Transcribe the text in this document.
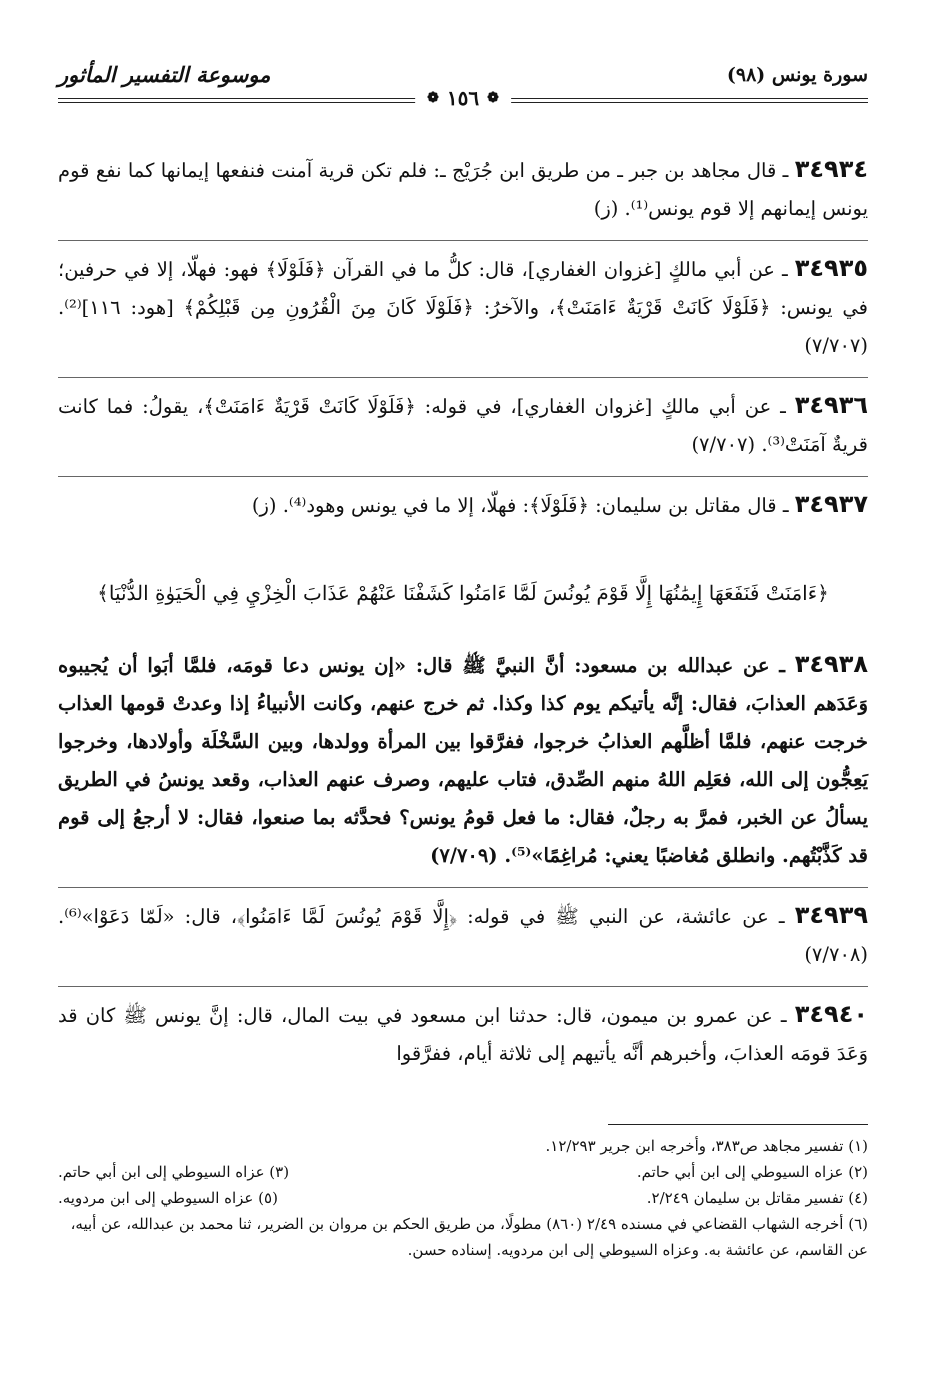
سورة يونس (٩٨)
موسوعة التفسير المأثور
❁
١٥٦
❁

٣٤٩٣٤ ـ قال مجاهد بن جبر ـ من طريق ابن جُرَيْج ـ: فلم تكن قرية آمنت فنفعها إيمانها كما نفع قوم يونس إيمانهم إلا قوم يونس⁽¹⁾. (ز)

٣٤٩٣٥ ـ عن أبي مالكٍ [غزوان الغفاري]، قال: كلُّ ما في القرآن ﴿فَلَوْلَا﴾ فهو: فهلّا، إلا في حرفين؛ في يونس: ﴿فَلَوْلَا كَانَتْ قَرْيَةٌ ءَامَنَتْ﴾، والآخرُ: ﴿فَلَوْلَا كَانَ مِنَ الْقُرُونِ مِن قَبْلِكُمْ﴾ [هود: ١١٦]⁽²⁾. (٧/٧٠٧)

٣٤٩٣٦ ـ عن أبي مالكٍ [غزوان الغفاري]، في قوله: ﴿فَلَوْلَا كَانَتْ قَرْيَةٌ ءَامَنَتْ﴾، يقولُ: فما كانت قريةٌ آمَنَتْ⁽³⁾. (٧/٧٠٧)

٣٤٩٣٧ ـ قال مقاتل بن سليمان: ﴿فَلَوْلَا﴾: فهلّا، إلا ما في يونس وهود⁽⁴⁾. (ز)

﴿ءَامَنَتْ فَنَفَعَهَا إِيمَٰنُهَا إِلَّا قَوْمَ يُونُسَ لَمَّا ءَامَنُوا كَشَفْنَا عَنْهُمْ عَذَابَ الْخِزْيِ فِي الْحَيَوٰةِ الدُّنْيَا﴾

٣٤٩٣٨ ـ عن عبدالله بن مسعود: أنَّ النبيَّ ﷺ قال: «إن يونس دعا قومَه، فلمَّا أبَوا أن يُجيبوه وَعَدَهم العذابَ، فقال: إنَّه يأتيكم يوم كذا وكذا. ثم خرج عنهم، وكانت الأنبياءُ إذا وعدتْ قومها العذاب خرجت عنهم، فلمَّا أظلَّهم العذابُ خرجوا، ففرَّقوا بين المرأة وولدها، وبين السَّخْلَة وأولادها، وخرجوا يَعِجُّون إلى الله، فعَلِم اللهُ منهم الصِّدق، فتاب عليهم، وصرف عنهم العذاب، وقعد يونسُ في الطريق يسألُ عن الخبر، فمرَّ به رجلٌ، فقال: ما فعل قومُ يونس؟ فحدَّثه بما صنعوا، فقال: لا أرجعُ إلى قوم قد كَذَّبْتُهم. وانطلق مُغاضبًا يعني: مُراغِمًا»⁽⁵⁾. (٧/٧٠٩)

٣٤٩٣٩ ـ عن عائشة، عن النبي ﷺ في قوله: ﴿إِلَّا قَوْمَ يُونُسَ لَمَّا ءَامَنُوا﴾، قال: «لَمّا دَعَوْا»⁽⁶⁾. (٧/٧٠٨)

٣٤٩٤٠ ـ عن عمرو بن ميمون، قال: حدثنا ابن مسعود في بيت المال، قال: إنَّ يونس ﷺ كان قد وَعَدَ قومَه العذابَ، وأخبرهم أنَّه يأتيهم إلى ثلاثة أيام، ففرَّقوا

(١) تفسير مجاهد ص٣٨٣، وأخرجه ابن جرير ١٢/٢٩٣.

(٢) عزاه السيوطي إلى ابن أبي حاتم.
(٣) عزاه السيوطي إلى ابن أبي حاتم.
(٤) تفسير مقاتل بن سليمان ٢/٢٤٩.
(٥) عزاه السيوطي إلى ابن مردويه.

(٦) أخرجه الشهاب القضاعي في مسنده ٢/٤٩ (٨٦٠) مطولًا، من طريق الحكم بن مروان بن الضرير، ثنا محمد بن عبدالله، عن أبيه، عن القاسم، عن عائشة به. وعزاه السيوطي إلى ابن مردويه. إسناده حسن.
